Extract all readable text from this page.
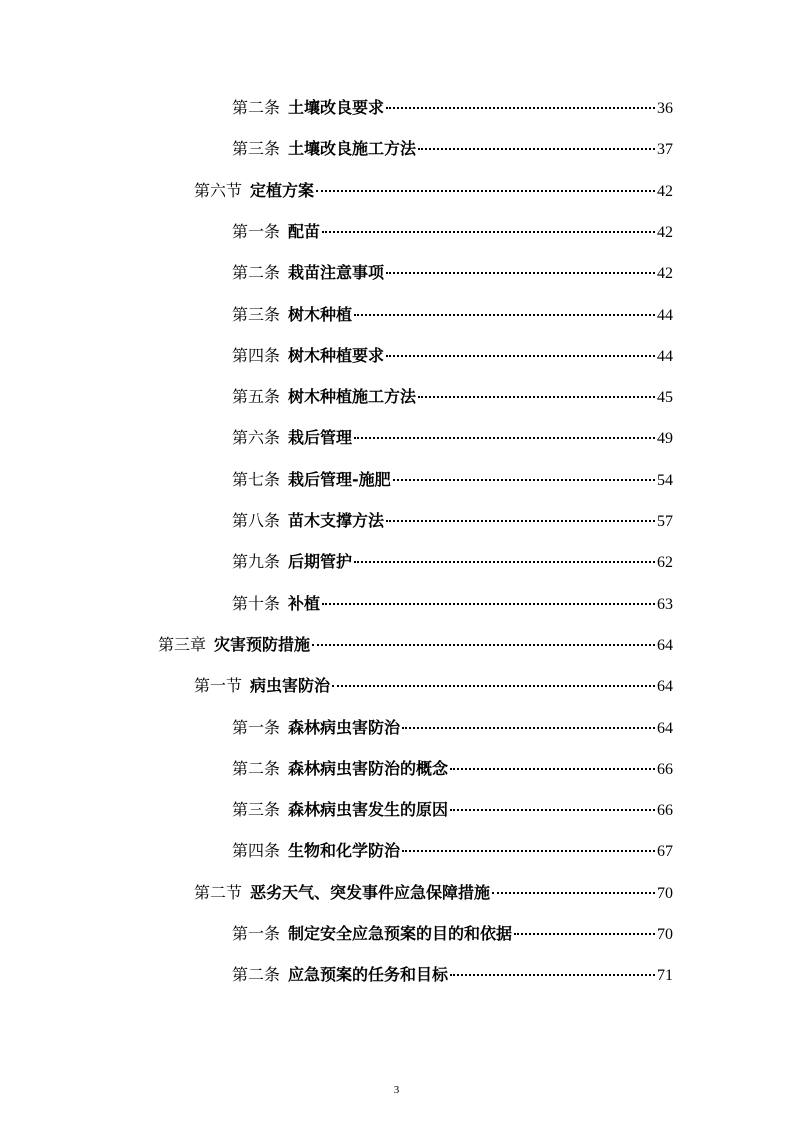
第二条 土壤改良要求	36
第三条 土壤改良施工方法	37
第六节 定植方案	42
第一条 配苗	42
第二条 栽苗注意事项	42
第三条 树木种植	44
第四条 树木种植要求	44
第五条 树木种植施工方法	45
第六条 栽后管理	49
第七条 栽后管理-施肥	54
第八条 苗木支撑方法	57
第九条 后期管护	62
第十条 补植	63
第三章 灾害预防措施	64
第一节 病虫害防治	64
第一条 森林病虫害防治	64
第二条 森林病虫害防治的概念	66
第三条 森林病虫害发生的原因	66
第四条 生物和化学防治	67
第二节 恶劣天气、突发事件应急保障措施	70
第一条 制定安全应急预案的目的和依据	70
第二条 应急预案的任务和目标	71
3
